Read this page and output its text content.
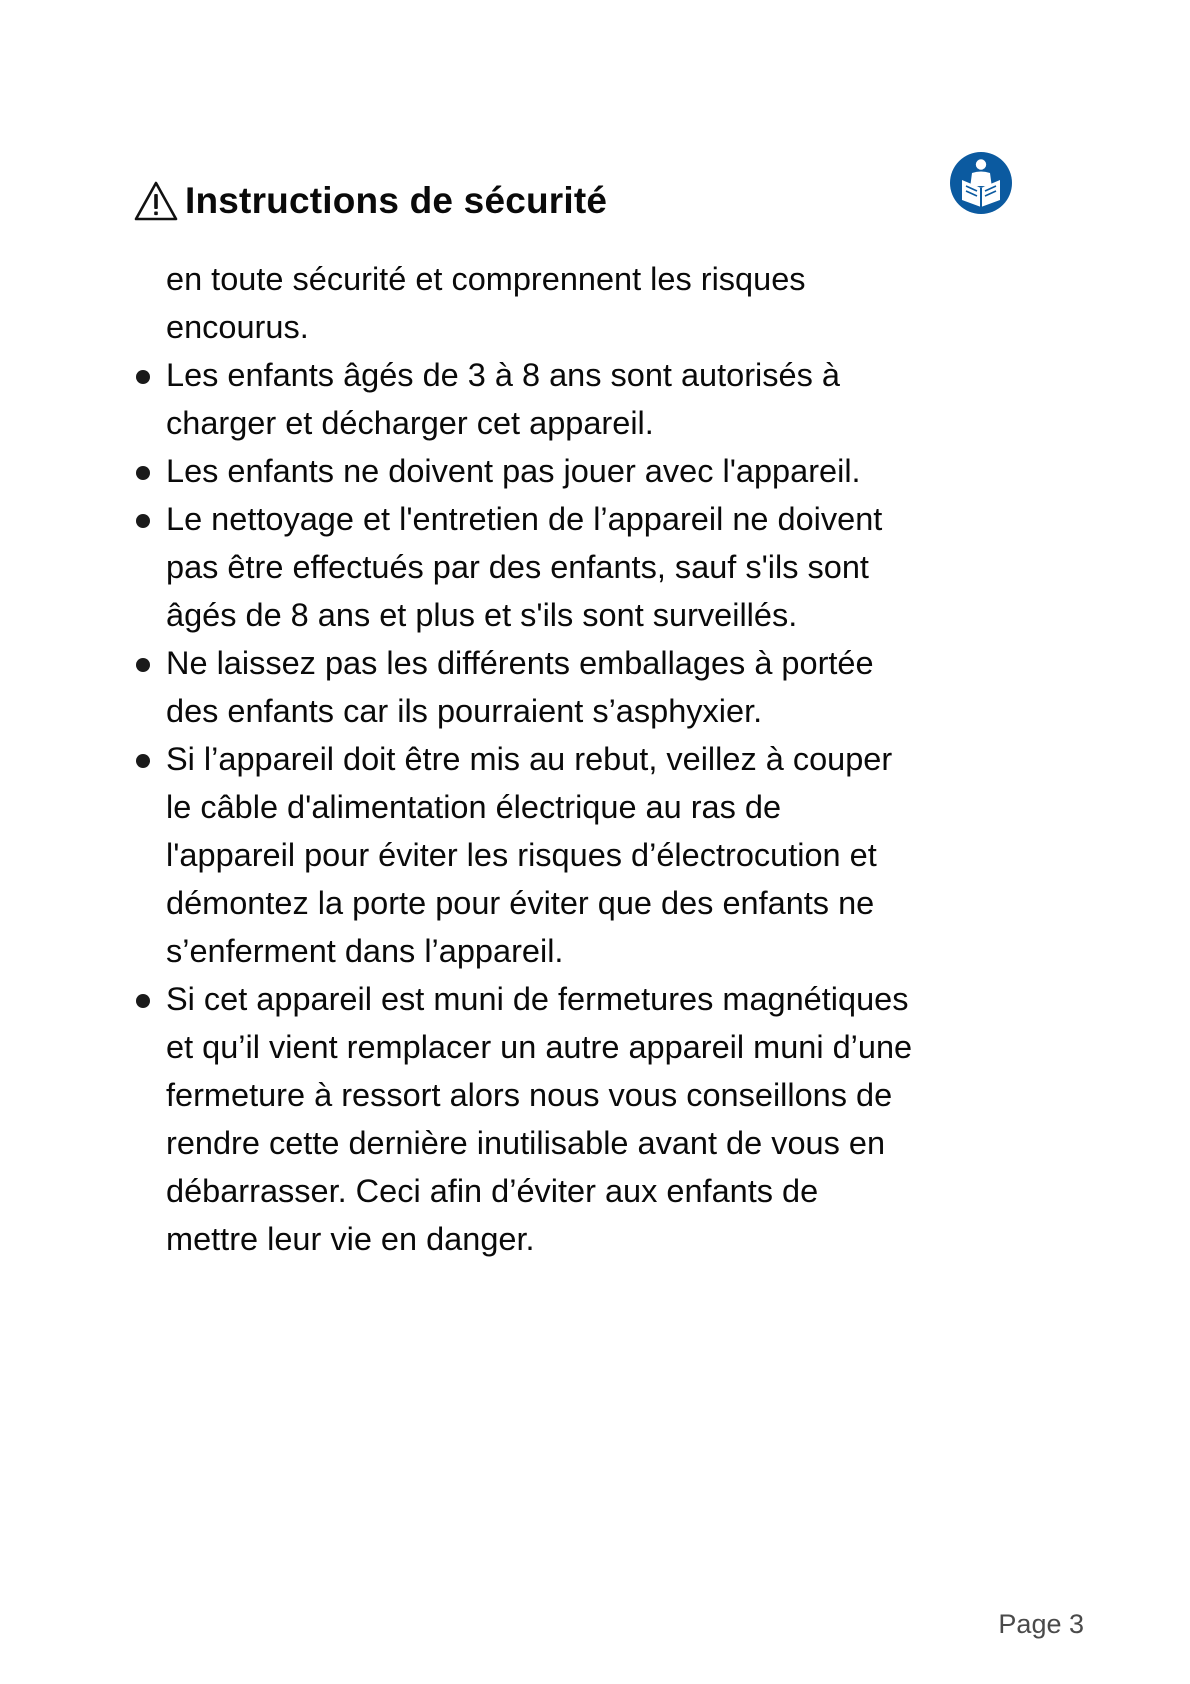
Instructions de sécurité

en toute sécurité et comprennent les risques
encourus.

Les enfants âgés de 3 à 8 ans sont autorisés à
charger et décharger cet appareil.
Les enfants ne doivent pas jouer avec l'appareil.
Le nettoyage et l'entretien de l’appareil ne doivent
pas être effectués par des enfants, sauf s'ils sont
âgés de 8 ans et plus et s'ils sont surveillés.
Ne laissez pas les différents emballages à portée
des enfants car ils pourraient s’asphyxier.
Si l’appareil doit être mis au rebut, veillez à couper
le câble d'alimentation électrique au ras de
l'appareil pour éviter les risques d’électrocution et
démontez la porte pour éviter que des enfants ne
s’enferment dans l’appareil.
Si cet appareil est muni de fermetures magnétiques
et qu’il vient remplacer un autre appareil muni d’une
fermeture à ressort alors nous vous conseillons de
rendre cette dernière inutilisable avant de vous en
débarrasser. Ceci afin d’éviter aux enfants de
mettre leur vie en danger.
Page 3
